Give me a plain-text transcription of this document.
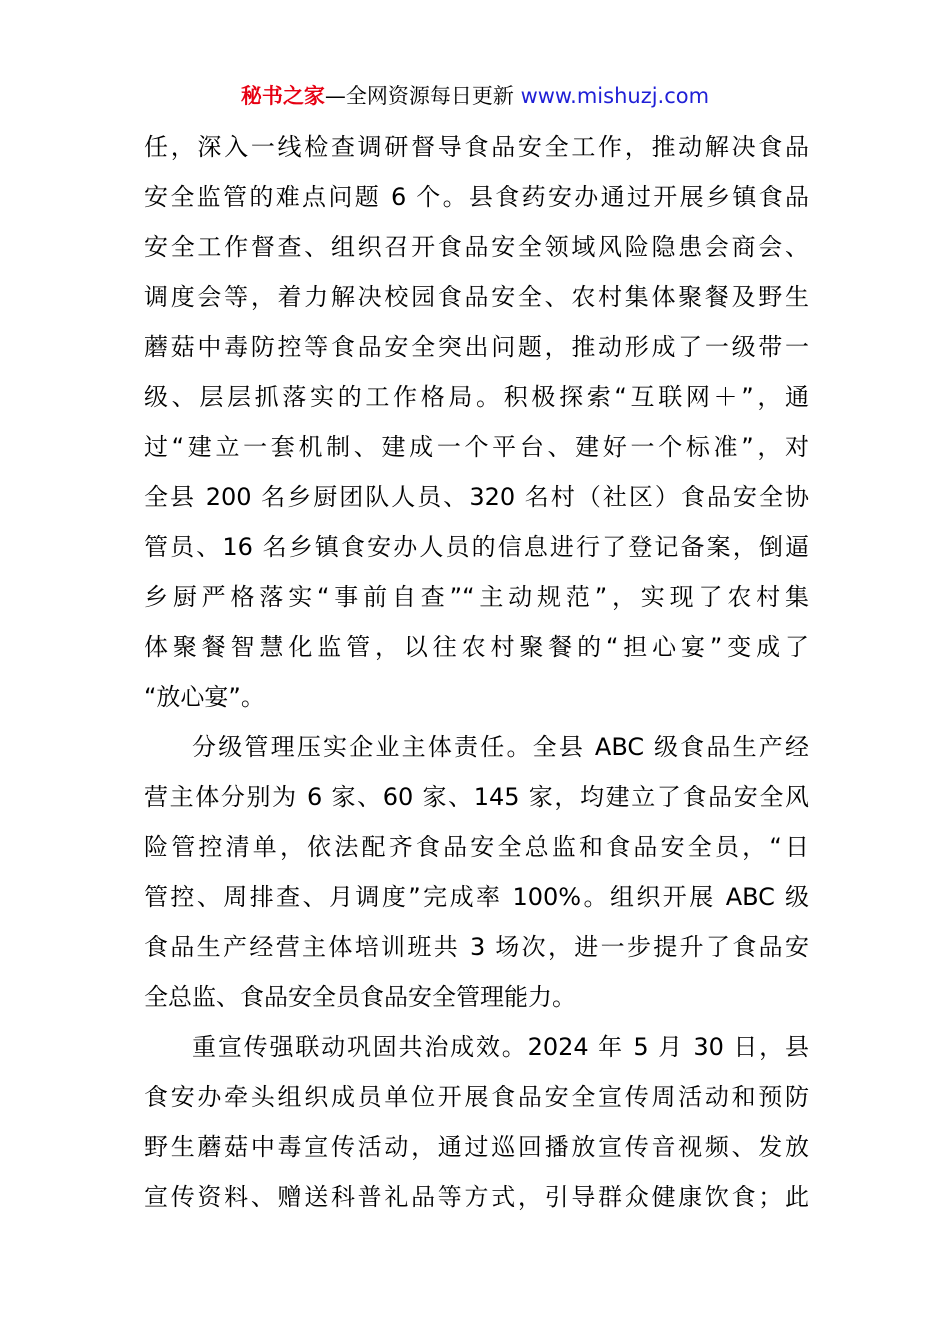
秘书之家—全网资源每日更新 www.mishuzj.com
任，深入一线检查调研督导食品安全工作，推动解决食品
安全监管的难点问题 6 个。县食药安办通过开展乡镇食品
安全工作督查、组织召开食品安全领域风险隐患会商会、
调度会等，着力解决校园食品安全、农村集体聚餐及野生
蘑菇中毒防控等食品安全突出问题，推动形成了一级带一
级、层层抓落实的工作格局。积极探索“互联网＋”，通
过“建立一套机制、建成一个平台、建好一个标准”，对
全县 200 名乡厨团队人员、320 名村（社区）食品安全协
管员、16 名乡镇食安办人员的信息进行了登记备案，倒逼
乡厨严格落实“事前自查”“主动规范”，实现了农村集
体聚餐智慧化监管，以往农村聚餐的“担心宴”变成了
“放心宴”。
分级管理压实企业主体责任。全县 ABC 级食品生产经
营主体分别为 6 家、60 家、145 家，均建立了食品安全风
险管控清单，依法配齐食品安全总监和食品安全员，“日
管控、周排查、月调度”完成率 100%。组织开展 ABC 级
食品生产经营主体培训班共 3 场次，进一步提升了食品安
全总监、食品安全员食品安全管理能力。
重宣传强联动巩固共治成效。2024 年 5 月 30 日，县
食安办牵头组织成员单位开展食品安全宣传周活动和预防
野生蘑菇中毒宣传活动，通过巡回播放宣传音视频、发放
宣传资料、赠送科普礼品等方式，引导群众健康饮食；此
